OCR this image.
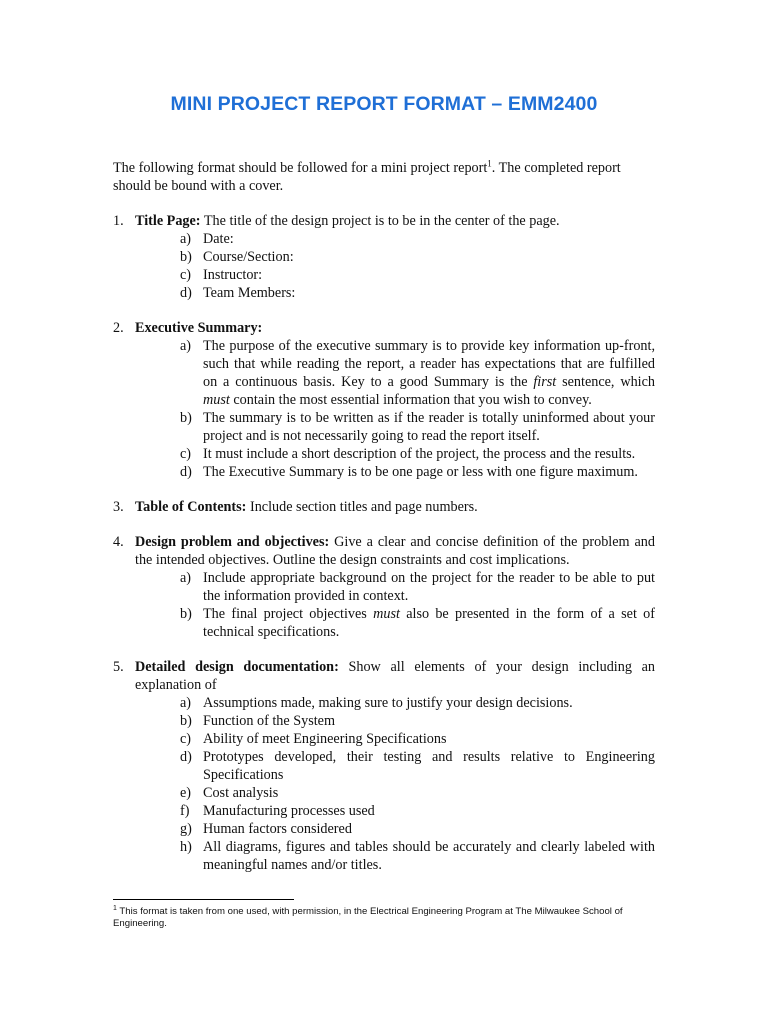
MINI PROJECT REPORT FORMAT – EMM2400

The following format should be followed for a mini project report$^1$. The completed report should be bound with a cover.

1. Title Page: The title of the design project is to be in the center of the page.
a) Date:
b) Course/Section:
c) Instructor:
d) Team Members:
2. Executive Summary:
a) The purpose of the executive summary is to provide key information up-front, such that while reading the report, a reader has expectations that are fulfilled on a continuous basis. Key to a good Summary is the first sentence, which must contain the most essential information that you wish to convey.
b) The summary is to be written as if the reader is totally uninformed about your project and is not necessarily going to read the report itself.
c) It must include a short description of the project, the process and the results.
d) The Executive Summary is to be one page or less with one figure maximum.
3. Table of Contents: Include section titles and page numbers.
4. Design problem and objectives: Give a clear and concise definition of the problem and the intended objectives. Outline the design constraints and cost implications.
a) Include appropriate background on the project for the reader to be able to put the information provided in context.
b) The final project objectives must also be presented in the form of a set of technical specifications.
5. Detailed design documentation: Show all elements of your design including an explanation of
a) Assumptions made, making sure to justify your design decisions.
b) Function of the System
c) Ability of meet Engineering Specifications
d) Prototypes developed, their testing and results relative to Engineering Specifications
e) Cost analysis
f) Manufacturing processes used
g) Human factors considered
h) All diagrams, figures and tables should be accurately and clearly labeled with meaningful names and/or titles.
$^1$ This format is taken from one used, with permission, in the Electrical Engineering Program at The Milwaukee School of Engineering.
